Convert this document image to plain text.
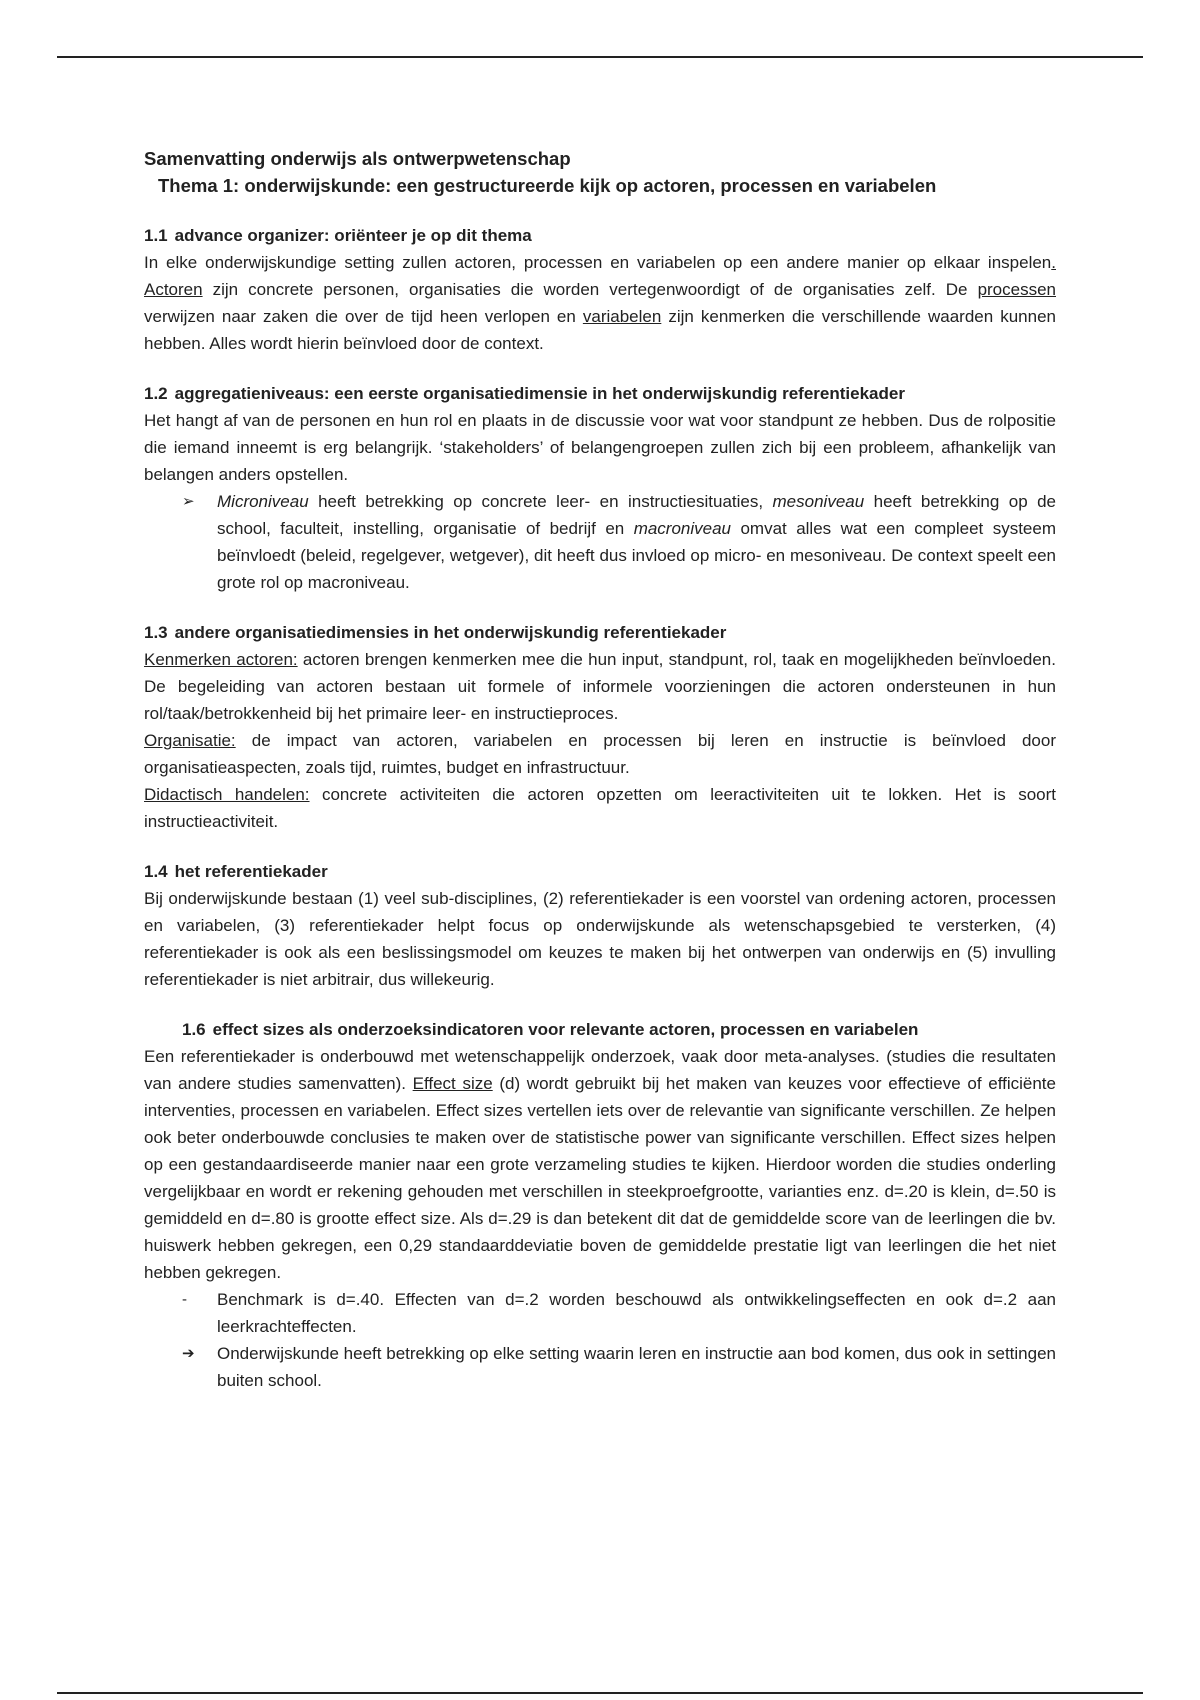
Samenvatting onderwijs als ontwerpwetenschap
Thema 1: onderwijskunde: een gestructureerde kijk op actoren, processen en variabelen
1.1 advance organizer: oriënteer je op dit thema

In elke onderwijskundige setting zullen actoren, processen en variabelen op een andere manier op elkaar inspelen. Actoren zijn concrete personen, organisaties die worden vertegenwoordigt of de organisaties zelf. De processen verwijzen naar zaken die over de tijd heen verlopen en variabelen zijn kenmerken die verschillende waarden kunnen hebben. Alles wordt hierin beïnvloed door de context.

1.2 aggregatieniveaus: een eerste organisatiedimensie in het onderwijskundig referentiekader

Het hangt af van de personen en hun rol en plaats in de discussie voor wat voor standpunt ze hebben. Dus de rolpositie die iemand inneemt is erg belangrijk. ‘stakeholders’ of belangengroepen zullen zich bij een probleem, afhankelijk van belangen anders opstellen.

➢ Microniveau heeft betrekking op concrete leer- en instructiesituaties, mesoniveau heeft betrekking op de school, faculteit, instelling, organisatie of bedrijf en macroniveau omvat alles wat een compleet systeem beïnvloedt (beleid, regelgever, wetgever), dit heeft dus invloed op micro- en mesoniveau. De context speelt een grote rol op macroniveau.
1.3 andere organisatiedimensies in het onderwijskundig referentiekader

Kenmerken actoren: actoren brengen kenmerken mee die hun input, standpunt, rol, taak en mogelijkheden beïnvloeden. De begeleiding van actoren bestaan uit formele of informele voorzieningen die actoren ondersteunen in hun rol/taak/betrokkenheid bij het primaire leer- en instructieproces.

Organisatie: de impact van actoren, variabelen en processen bij leren en instructie is beïnvloed door organisatieaspecten, zoals tijd, ruimtes, budget en infrastructuur.

Didactisch handelen: concrete activiteiten die actoren opzetten om leeractiviteiten uit te lokken. Het is soort instructieactiviteit.

1.4 het referentiekader

Bij onderwijskunde bestaan (1) veel sub-disciplines, (2) referentiekader is een voorstel van ordening actoren, processen en variabelen, (3) referentiekader helpt focus op onderwijskunde als wetenschapsgebied te versterken, (4) referentiekader is ook als een beslissingsmodel om keuzes te maken bij het ontwerpen van onderwijs en (5) invulling referentiekader is niet arbitrair, dus willekeurig.

1.6 effect sizes als onderzoeksindicatoren voor relevante actoren, processen en variabelen

Een referentiekader is onderbouwd met wetenschappelijk onderzoek, vaak door meta-analyses. (studies die resultaten van andere studies samenvatten). Effect size (d) wordt gebruikt bij het maken van keuzes voor effectieve of efficiënte interventies, processen en variabelen. Effect sizes vertellen iets over de relevantie van significante verschillen. Ze helpen ook beter onderbouwde conclusies te maken over de statistische power van significante verschillen. Effect sizes helpen op een gestandaardiseerde manier naar een grote verzameling studies te kijken. Hierdoor worden die studies onderling vergelijkbaar en wordt er rekening gehouden met verschillen in steekproefgrootte, varianties enz. d=.20 is klein, d=.50 is gemiddeld en d=.80 is grootte effect size. Als d=.29 is dan betekent dit dat de gemiddelde score van de leerlingen die bv. huiswerk hebben gekregen, een 0,29 standaarddeviatie boven de gemiddelde prestatie ligt van leerlingen die het niet hebben gekregen.

- Benchmark is d=.40. Effecten van d=.2 worden beschouwd als ontwikkelingseffecten en ook d=.2 aan leerkrachteffecten.
➔ Onderwijskunde heeft betrekking op elke setting waarin leren en instructie aan bod komen, dus ook in settingen buiten school.
